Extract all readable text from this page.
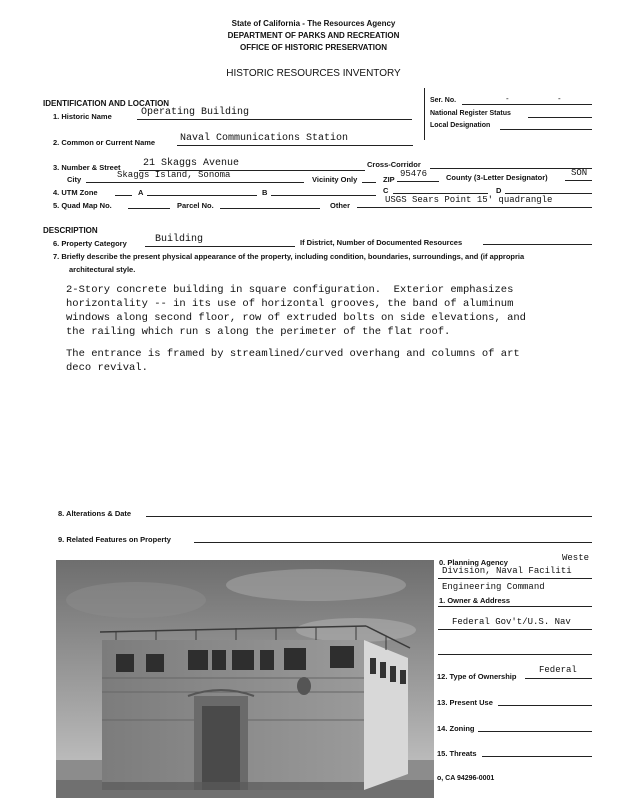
State of California - The Resources Agency
DEPARTMENT OF PARKS AND RECREATION
OFFICE OF HISTORIC PRESERVATION
HISTORIC RESOURCES INVENTORY
Ser. No.	-	-
National Register Status
Local Designation
IDENTIFICATION AND LOCATION
1. Historic Name	Operating Building
2. Common or Current Name Naval Communications Station
3. Number & Street 21 Skaggs Avenue	Cross-Corridor
City	Skaggs Island, Sonoma	Vicinity Only	ZIP
95476	County (3-Letter Designator)	SON
4. UTM Zone	A	B	C	D
5. Quad Map No.	Parcel No.	Other
USGS Sears Point 15' quadrangle
DESCRIPTION
6. Property Category	Building	If District, Number of Documented Resources
7. Briefly describe the present physical appearance of the property, including condition, boundaries, surroundings, and (if appropria
architectural style.
2-Story concrete building in square configuration.  Exterior emphasizes
horizontality -- in its use of horizontal grooves, the band of aluminum
windows along second floor, row of extruded bolts on side elevations, and
the railing which run s along the perimeter of the flat roof.
The entrance is framed by streamlined/curved overhang and columns of art
deco revival.
8. Alterations & Date
9. Related Features on Property
0. Planning Agency	Weste
Division, Naval Faciliti
Engineering Command
1. Owner & Address
Federal Gov't/U.S. Nav
12. Type of Ownership
Federal
13. Present Use
14. Zoning
15. Threats
o, CA 94296-0001
